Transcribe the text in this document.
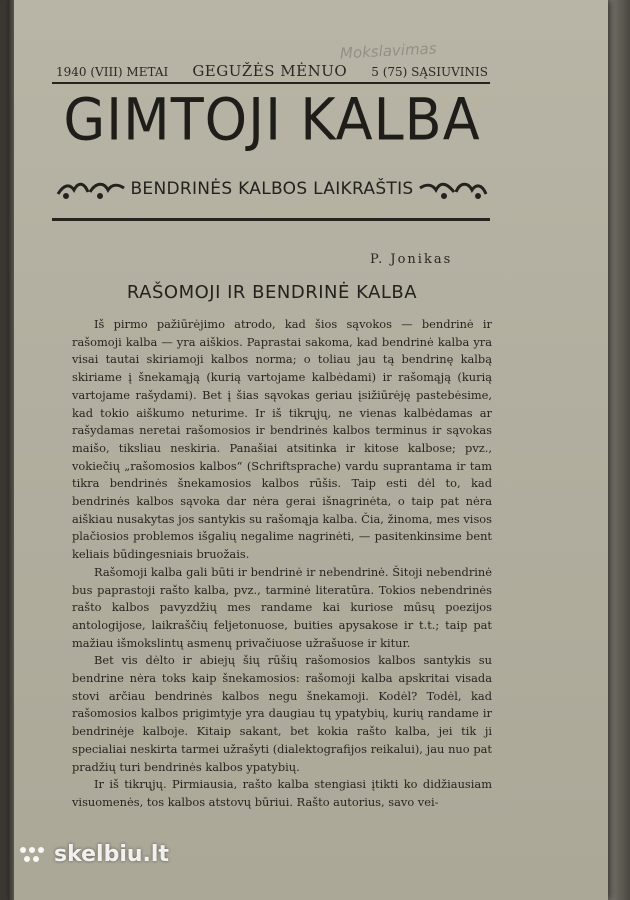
Mokslavimas
1940 (VIII) METAI GEGUŽĖS MĖNUO 5 (75) SĄSIUVINIS
GIMTOJI KALBA
BENDRINĖS KALBOS LAIKRAŠTIS
P. Jonikas
RAŠOMOJI IR BENDRINĖ KALBA

Iš pirmo pažiūrėjimo atrodo, kad šios sąvokos — bendrinė ir rašomoji kalba — yra aiškios. Paprastai sakoma, kad bendrinė kalba yra visai tautai skiriamoji kalbos norma; o toliau jau tą bendrinę kalbą skiriame į šnekamąją (kurią vartojame kalbėdami) ir rašomąją (kurią vartojame rašydami). Bet į šias sąvokas geriau įsižiūrėję pastebėsime, kad tokio aiškumo neturime. Ir iš tikrųjų, ne vienas kalbėdamas ar rašydamas neretai rašomosios ir bendrinės kalbos terminus ir sąvokas maišo, tiksliau neskiria. Panašiai atsitinka ir kitose kalbose; pvz., vokiečių „rašomosios kalbos“ (Schriftsprache) vardu suprantama ir tam tikra bendrinės šnekamosios kalbos rūšis. Taip esti dėl to, kad bendrinės kalbos sąvoka dar nėra gerai išnagrinėta, o taip pat nėra aiškiau nusakytas jos santykis su rašomąja kalba. Čia, žinoma, mes visos plačiosios problemos išgalių negalime nagrinėti, — pasitenkinsime bent keliais būdingesniais bruožais.

Rašomoji kalba gali būti ir bendrinė ir nebendrinė. Šitoji nebendrinė bus paprastoji rašto kalba, pvz., tarminė literatūra. Tokios nebendrinės rašto kalbos pavyzdžių mes randame kai kuriose mūsų poezijos antologijose, laikraščių feljetonuose, buities apysakose ir t.t.; taip pat mažiau išmokslintų asmenų privačiuose užrašuose ir kitur.

Bet vis dėlto ir abiejų šių rūšių rašomosios kalbos santykis su bendrine nėra toks kaip šnekamosios: rašomoji kalba apskritai visada stovi arčiau bendrinės kalbos negu šnekamoji. Kodėl? Todėl, kad rašomosios kalbos prigimtyje yra daugiau tų ypatybių, kurių randame ir bendrinėje kalboje. Kitaip sakant, bet kokia rašto kalba, jei tik ji specialiai neskirta tarmei užrašyti (dialektografijos reikalui), jau nuo pat pradžių turi bendrinės kalbos ypatybių.

Ir iš tikrųjų. Pirmiausia, rašto kalba stengiasi įtikti ko didžiausiam visuomenės, tos kalbos atstovų būriui. Rašto autorius, savo vei-

skelbiu.lt
